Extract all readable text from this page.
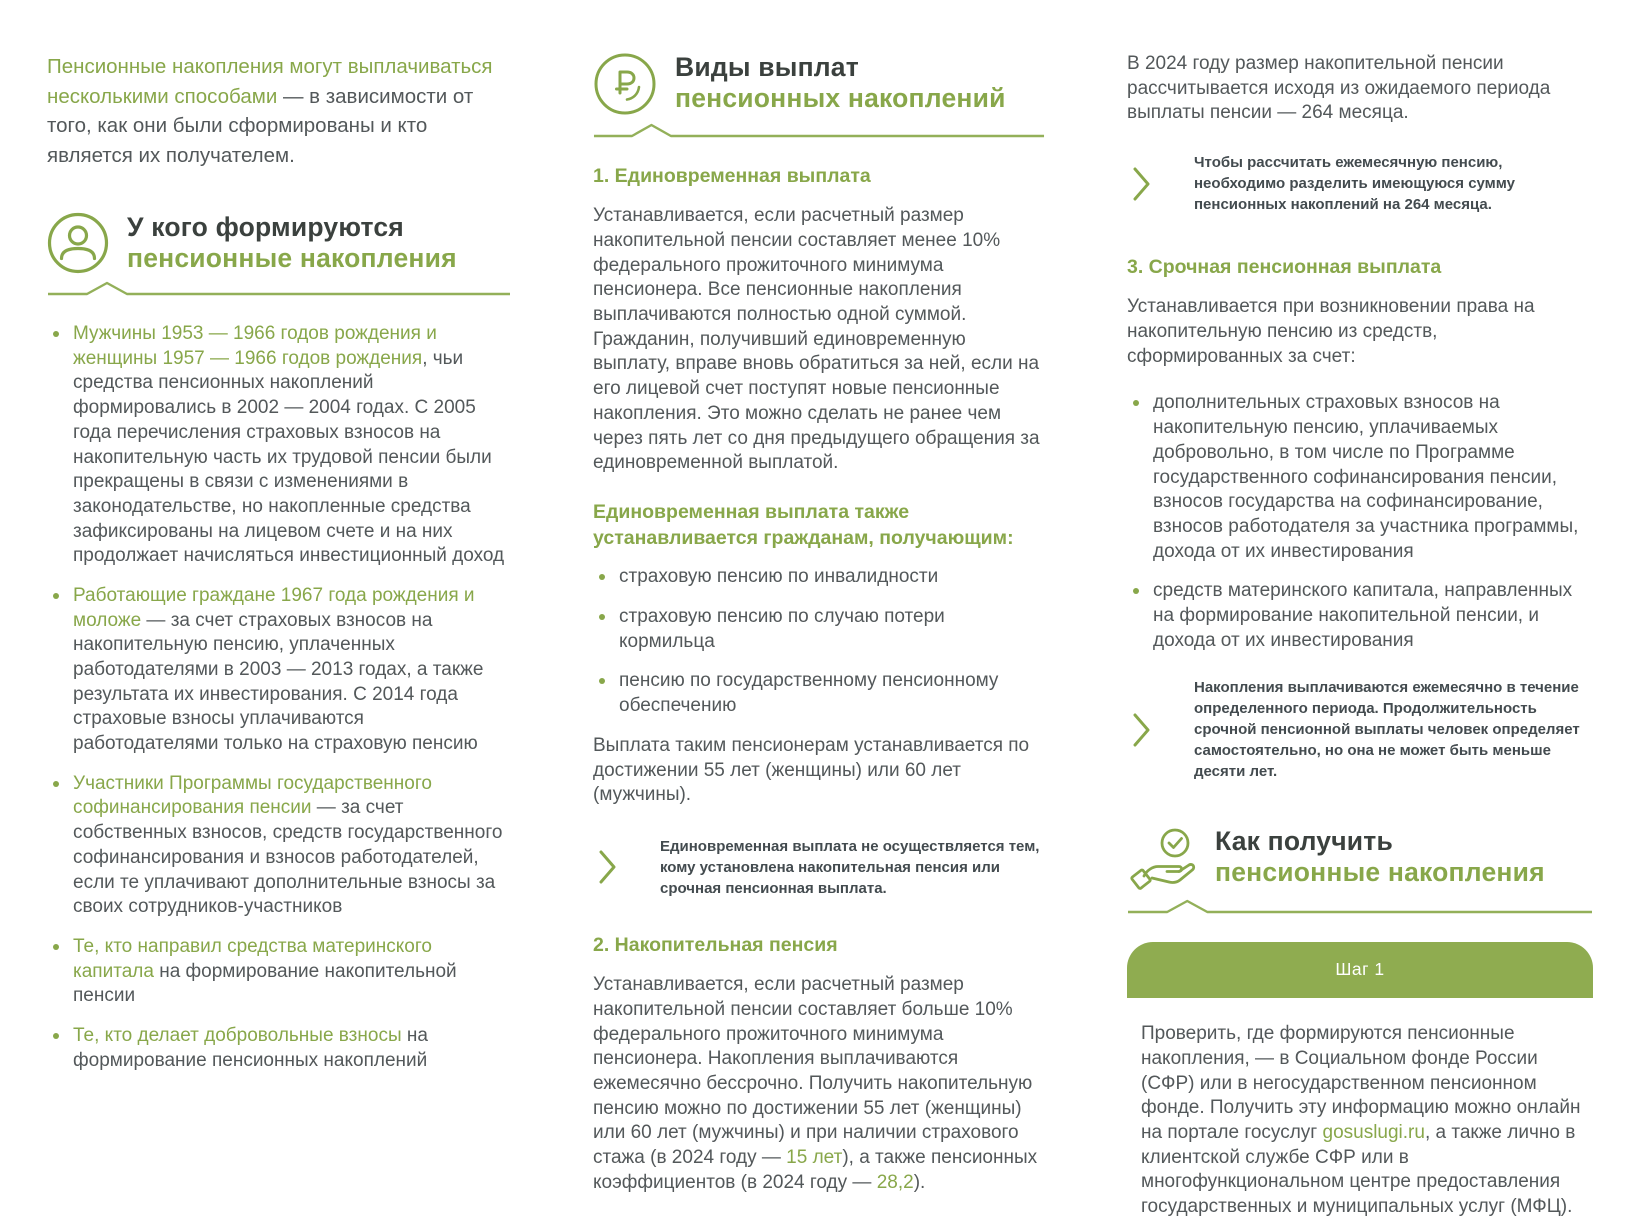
Пенсионные накопления могут выплачиваться несколькими способами — в зависимости от того, как они были сформированы и кто является их получателем.

У кого формируются
пенсионные накопления
Мужчины 1953 — 1966 годов рождения и женщины 1957 — 1966 годов рождения, чьи средства пенсионных накоплений формировались в 2002 — 2004 годах. С 2005 года перечисления страховых взносов на накопительную часть их трудовой пенсии были прекращены в связи с изменениями в законодательстве, но накопленные средства зафиксированы на лицевом счете и на них продолжает начисляться инвестиционный доход
Работающие граждане 1967 года рождения и моложе — за счет страховых взносов на накопительную пенсию, уплаченных работодателями в 2003 — 2013 годах, а также результата их инвестирования. С 2014 года страховые взносы уплачиваются работодателями только на страховую пенсию
Участники Программы государственного софинансирования пенсии — за счет собственных взносов, средств государственного софинансирования и взносов работодателей, если те уплачивают дополнительные взносы за своих сотрудников-участников
Те, кто направил средства материнского капитала на формирование накопительной пенсии
Те, кто делает добровольные взносы на формирование пенсионных накоплений
Виды выплат
пенсионных накоплений
1. Единовременная выплата

Устанавливается, если расчетный размер накопительной пенсии составляет менее 10% федерального прожиточного минимума пенсионера. Все пенсионные накопления выплачиваются полностью одной суммой. Гражданин, получивший единовременную выплату, вправе вновь обратиться за ней, если на его лицевой счет поступят новые пенсионные накопления. Это можно сделать не ранее чем через пять лет со дня предыдущего обращения за единовременной выплатой.

Единовременная выплата также устанавливается гражданам, получающим:

страховую пенсию по инвалидности
страховую пенсию по случаю потери кормильца
пенсию по государственному пенсионному обеспечению

Выплата таким пенсионерам устанавливается по достижении 55 лет (женщины) или 60 лет (мужчины).

Единовременная выплата не осуществляется тем, кому установлена накопительная пенсия или срочная пенсионная выплата.
2. Накопительная пенсия

Устанавливается, если расчетный размер накопительной пенсии составляет больше 10% федерального прожиточного минимума пенсионера. Накопления выплачиваются ежемесячно бессрочно. Получить накопительную пенсию можно по достижении 55 лет (женщины) или 60 лет (мужчины) и при наличии страхового стажа (в 2024 году — 15 лет), а также пенсионных коэффициентов (в 2024 году — 28,2).

В 2024 году размер накопительной пенсии рассчитывается исходя из ожидаемого периода выплаты пенсии — 264 месяца.

Чтобы рассчитать ежемесячную пенсию, необходимо разделить имеющуюся сумму пенсионных накоплений на 264 месяца.
3. Срочная пенсионная выплата

Устанавливается при возникновении права на накопительную пенсию из средств, сформированных за счет:

дополнительных страховых взносов на накопительную пенсию, уплачиваемых добровольно, в том числе по Программе государственного софинансирования пенсии, взносов государства на софинансирование, взносов работодателя за участника программы, дохода от их инвестирования
средств материнского капитала, направленных на формирование накопительной пенсии, и дохода от их инвестирования
Накопления выплачиваются ежемесячно в течение определенного периода. Продолжительность срочной пенсионной выплаты человек определяет самостоятельно, но она не может быть меньше десяти лет.
Как получить
пенсионные накопления
Шаг 1

Проверить, где формируются пенсионные накопления, — в Социальном фонде России (СФР) или в негосударственном пенсионном фонде. Получить эту информацию можно онлайн на портале госуслуг gosuslugi.ru, а также лично в клиентской службе СФР или в многофункциональном центре предоставления государственных и муниципальных услуг (МФЦ).
